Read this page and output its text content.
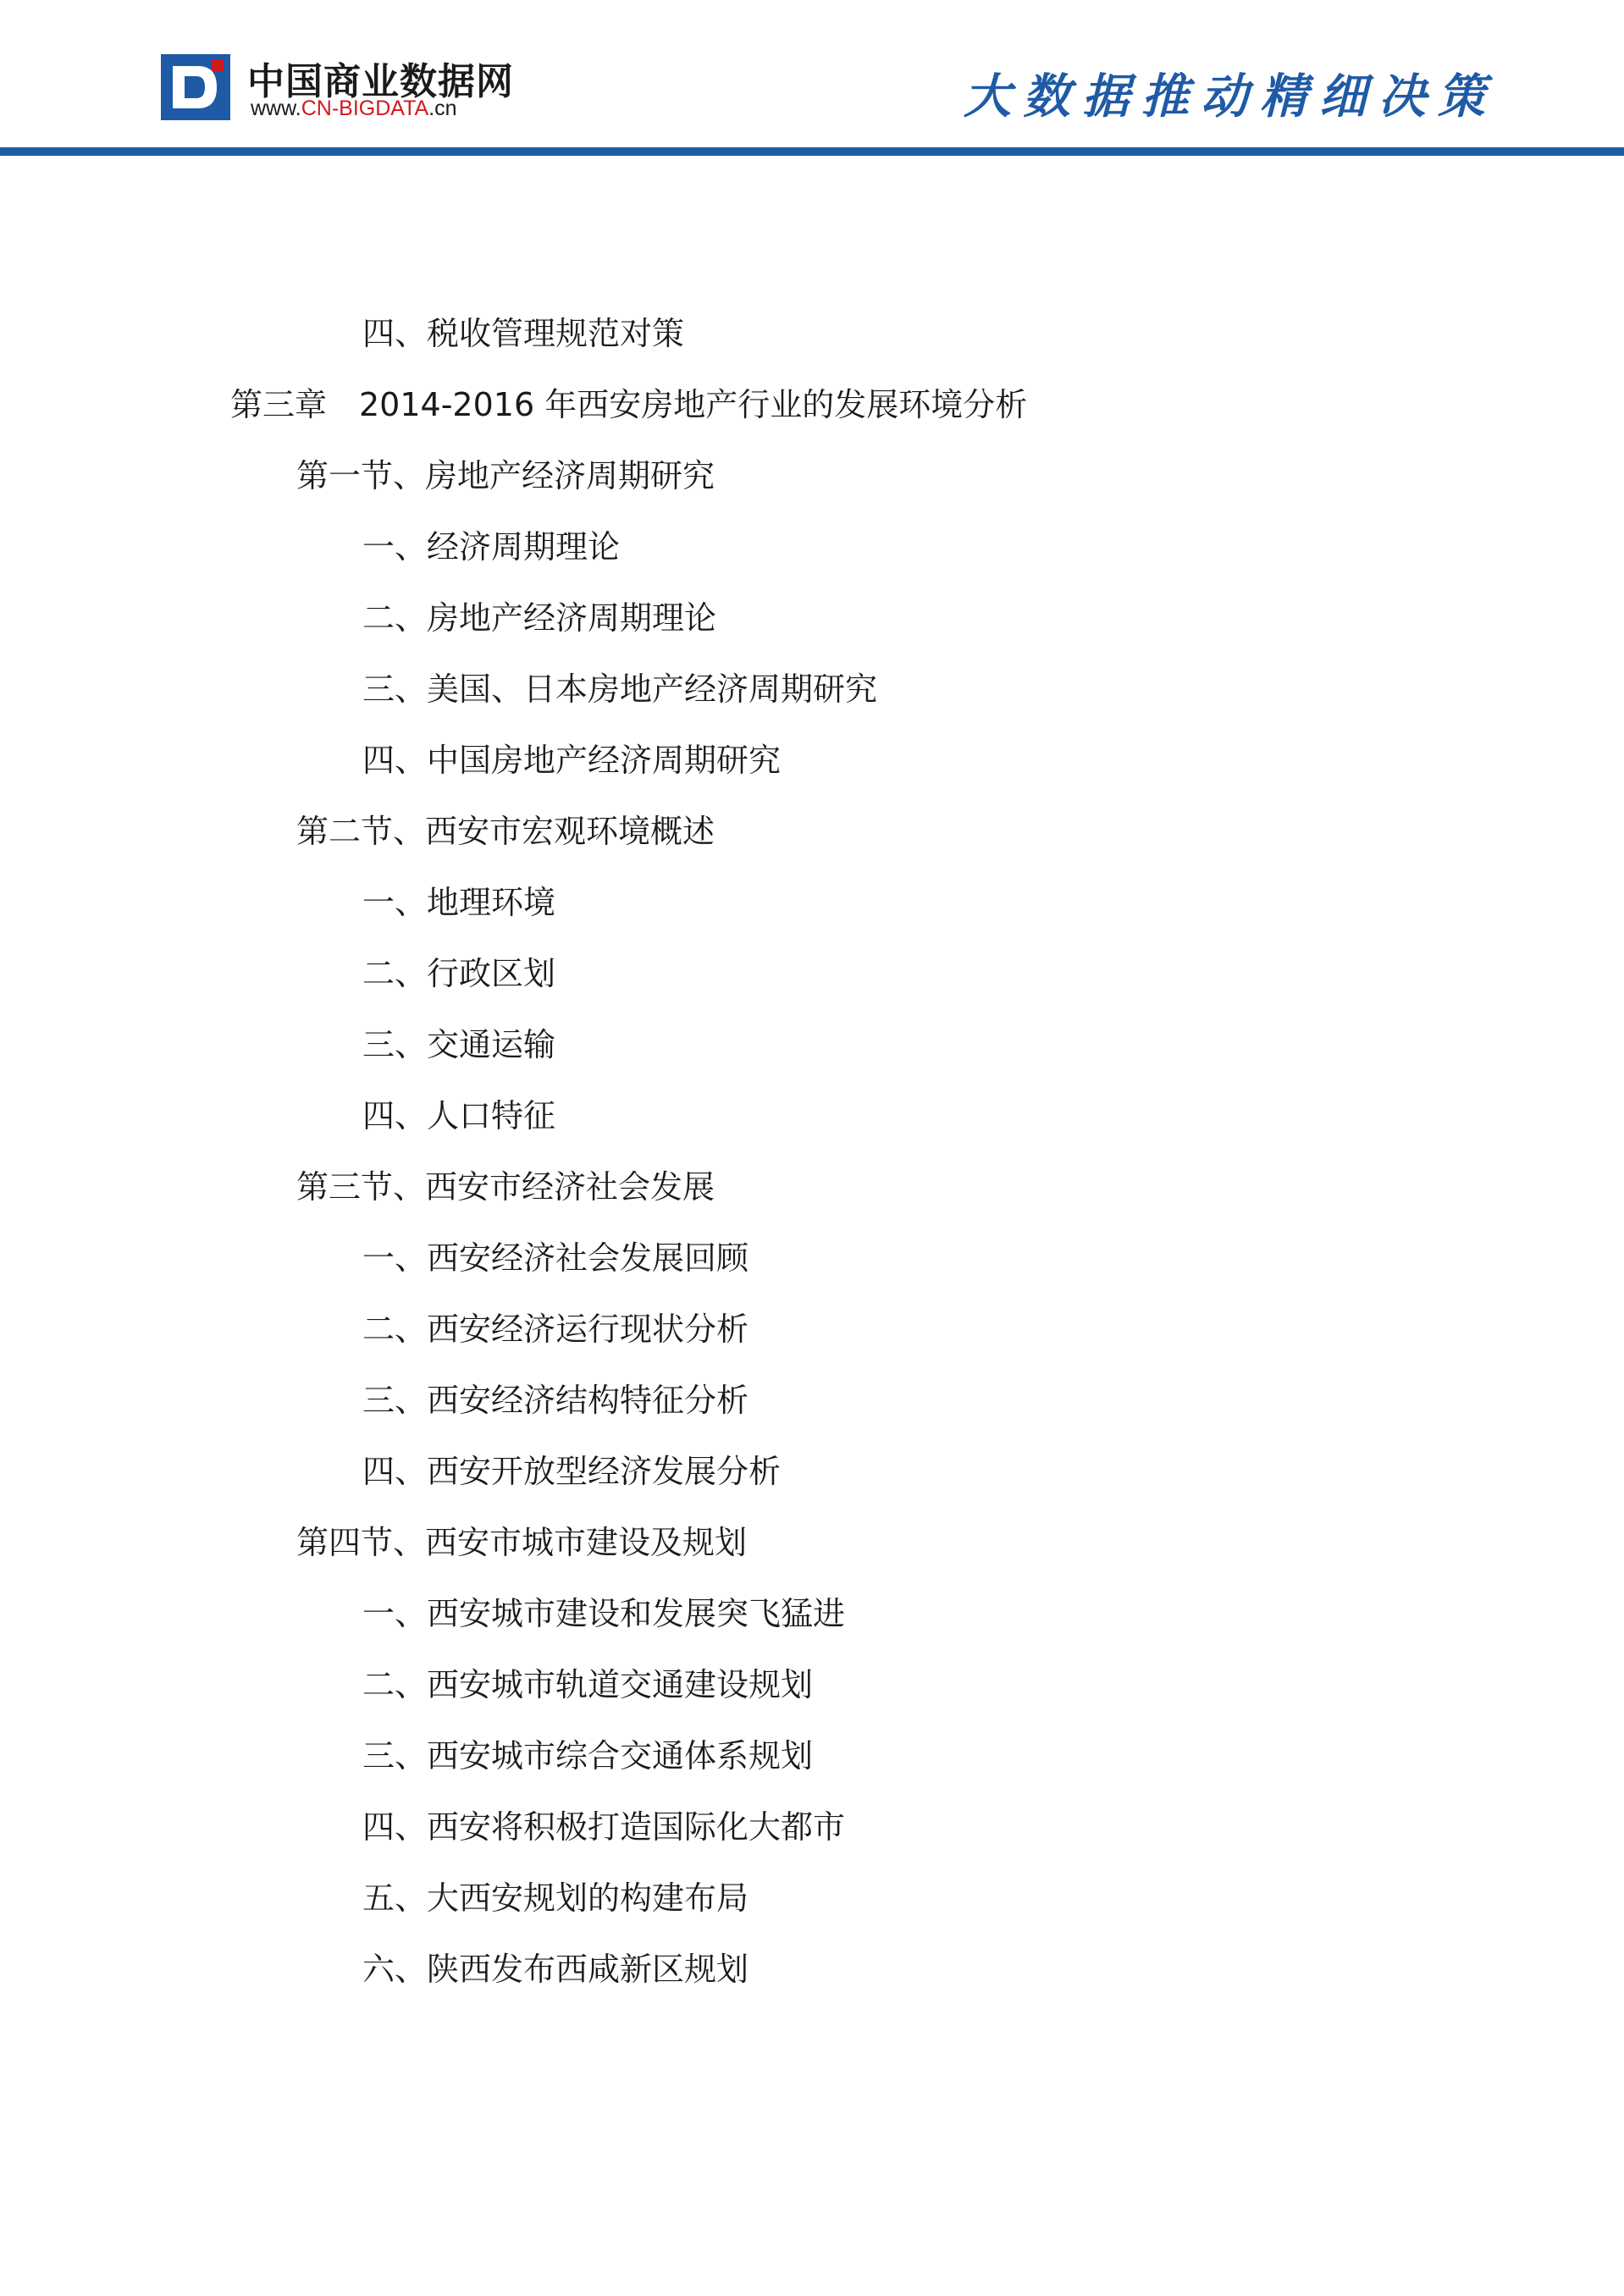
中国商业数据网
www.CN-BIGDATA.cn	大数据推动精细决策
四、税收管理规范对策
第三章　2014-2016 年西安房地产行业的发展环境分析
第一节、房地产经济周期研究
一、经济周期理论
二、房地产经济周期理论
三、美国、日本房地产经济周期研究
四、中国房地产经济周期研究
第二节、西安市宏观环境概述
一、地理环境
二、行政区划
三、交通运输
四、人口特征
第三节、西安市经济社会发展
一、西安经济社会发展回顾
二、西安经济运行现状分析
三、西安经济结构特征分析
四、西安开放型经济发展分析
第四节、西安市城市建设及规划
一、西安城市建设和发展突飞猛进
二、西安城市轨道交通建设规划
三、西安城市综合交通体系规划
四、西安将积极打造国际化大都市
五、大西安规划的构建布局
六、陕西发布西咸新区规划
